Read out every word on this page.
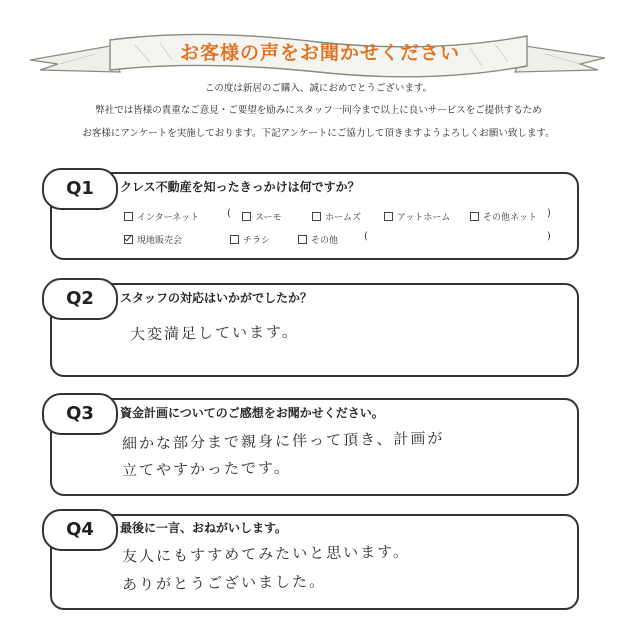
お客様の声をお聞かせください
この度は新居のご購入、誠におめでとうございます。
弊社では皆様の貴重なご意見・ご要望を励みにスタッフ一同今まで以上に良いサービスをご提供するため
お客様にアンケートを実施しております。下記アンケートにご協力して頂きますようよろしくお願い致します。
Q1	クレス不動産を知ったきっかけは何ですか？
インターネット	(	スーモ	ホームズ	アットホーム	その他ネット )
現地販売会	チラシ	その他	(	)
Q2	スタッフの対応はいかがでしたか？
大変満足しています。
Q3	資金計画についてのご感想をお聞かせください。
細かな部分まで親身に伴って頂き、計画が
立てやすかったです。
Q4	最後に一言、おねがいします。
友人にもすすめてみたいと思います。
ありがとうございました。
